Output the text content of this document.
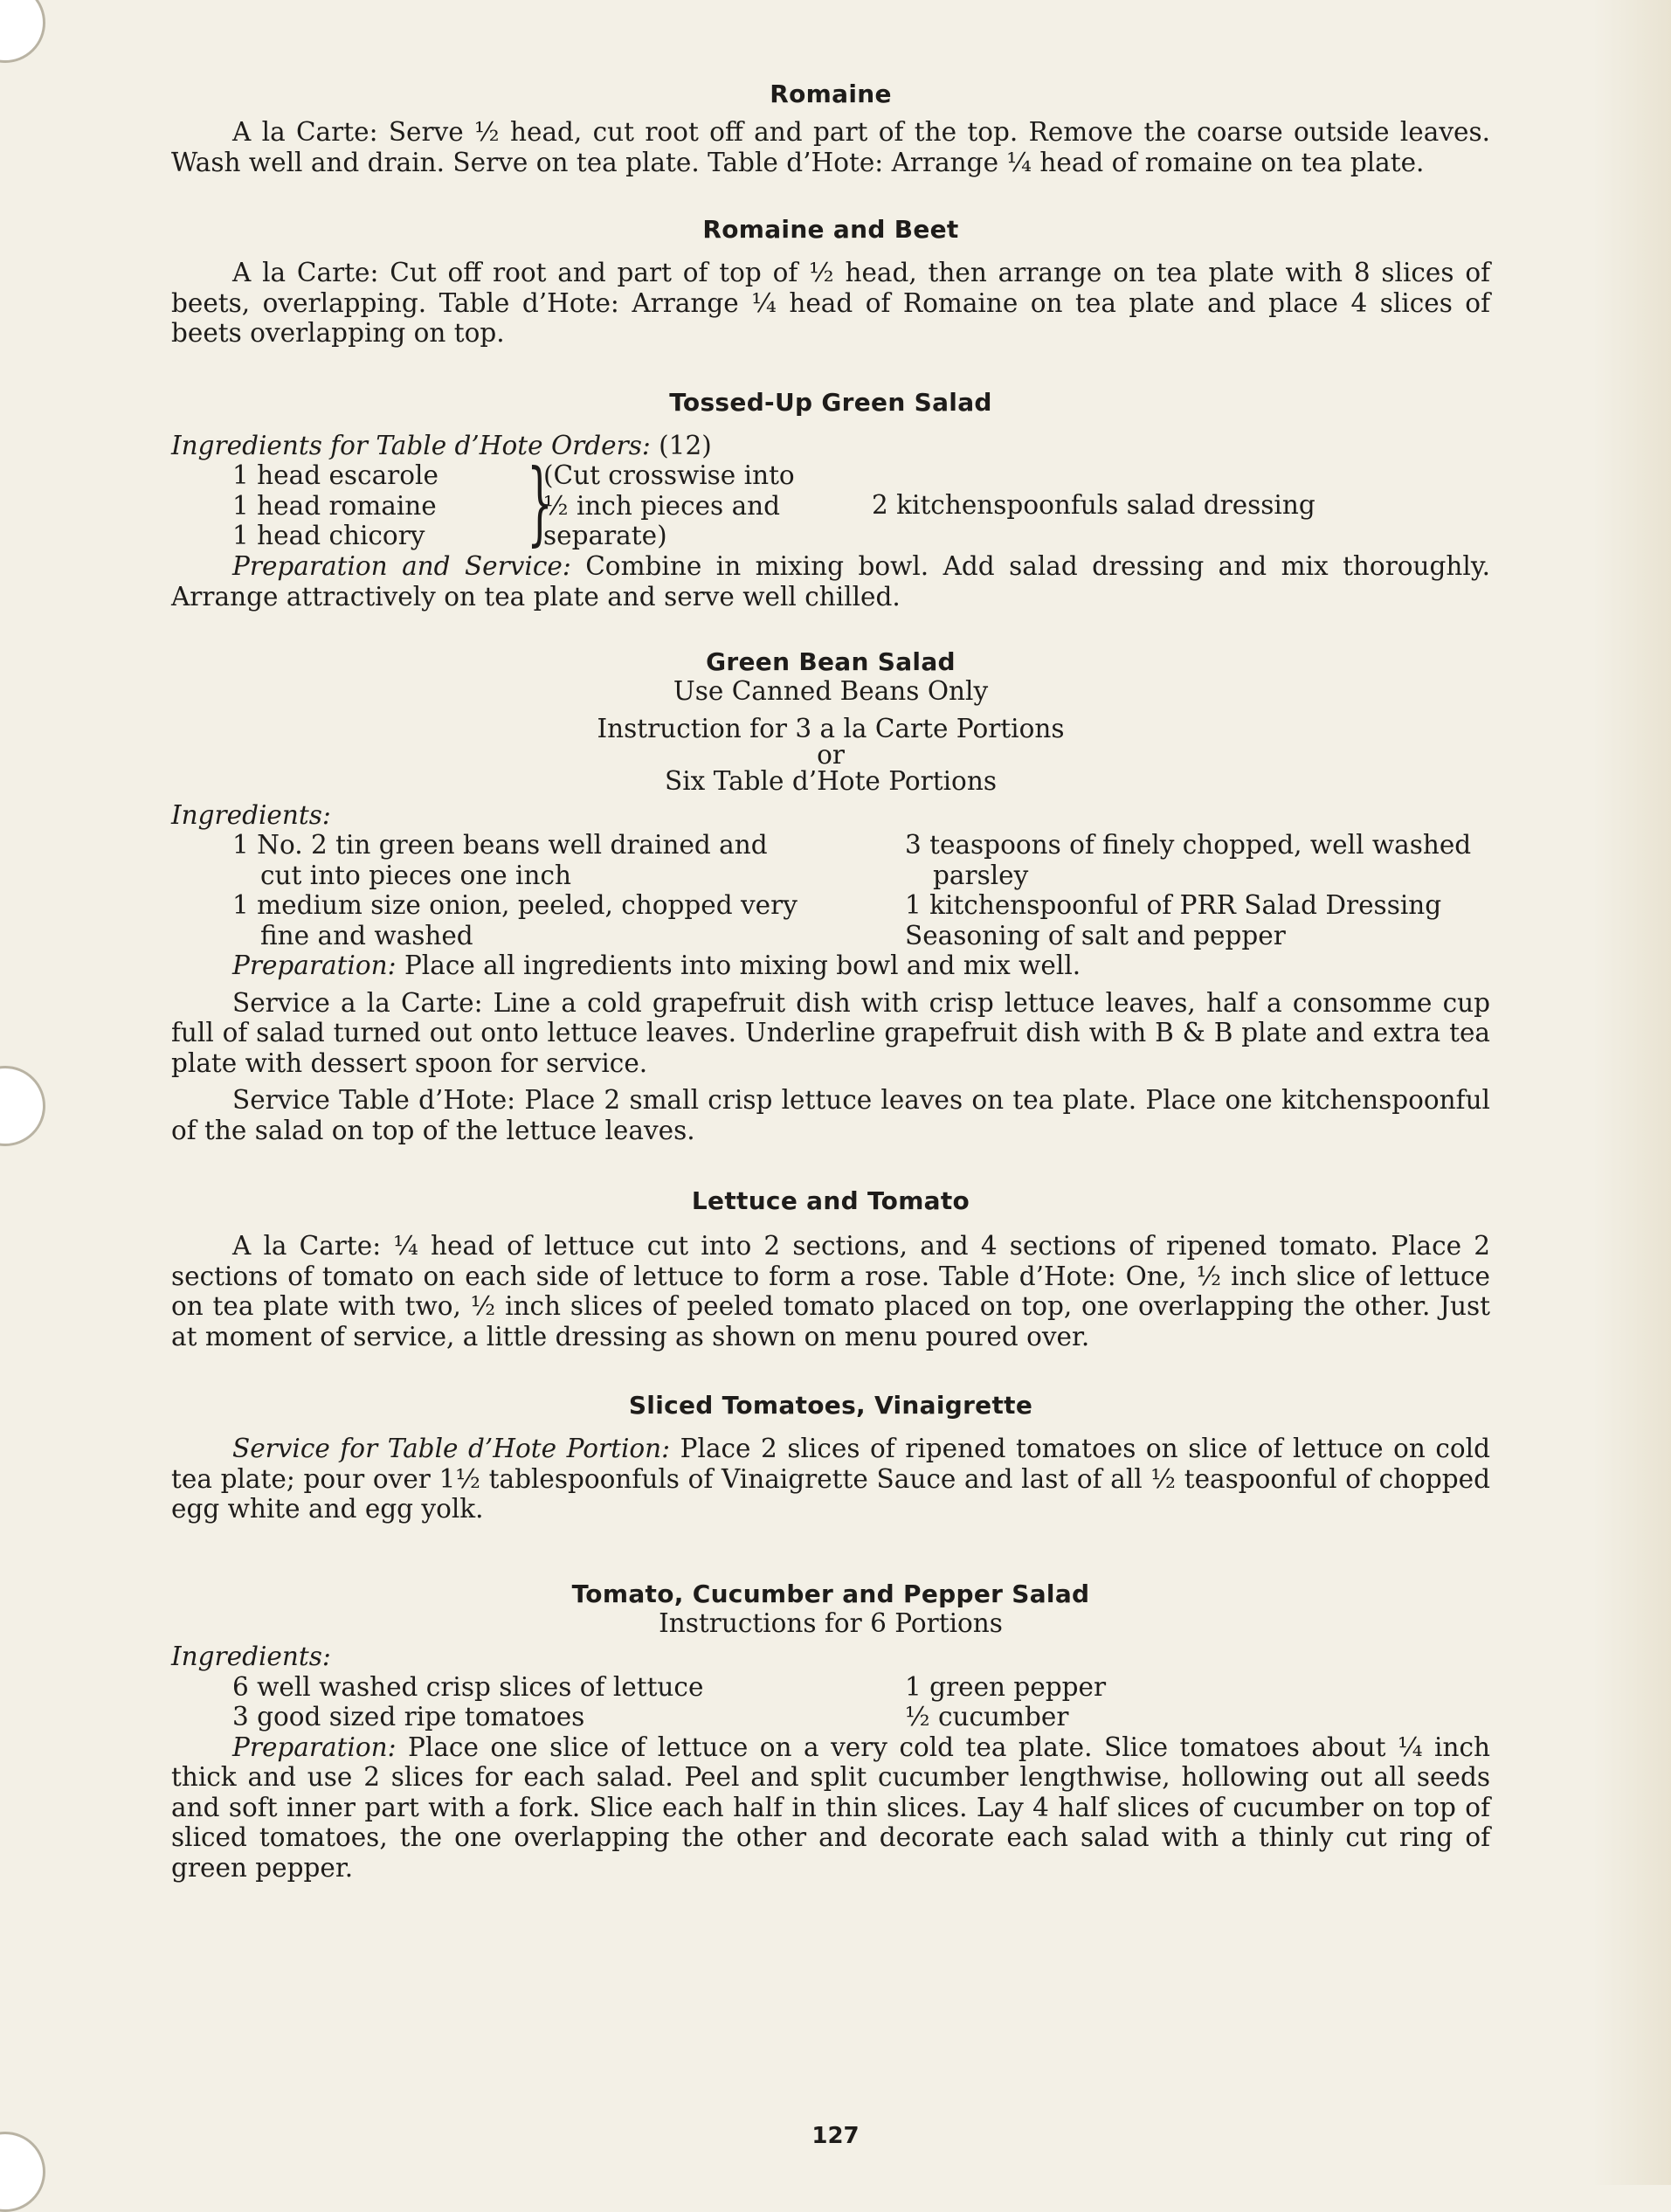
Romaine

A la Carte: Serve ½ head, cut root off and part of the top. Remove the coarse outside leaves. Wash well and drain. Serve on tea plate. Table d’Hote: Arrange ¼ head of romaine on tea plate.

Romaine and Beet

A la Carte: Cut off root and part of top of ½ head, then arrange on tea plate with 8 slices of beets, overlapping. Table d’Hote: Arrange ¼ head of Romaine on tea plate and place 4 slices of beets overlapping on top.

Tossed-Up Green Salad

Ingredients for Table d’Hote Orders: (12)

1 head escarole
1 head romaine
1 head chicory	}
(Cut crosswise into
½ inch pieces and
separate)
2 kitchenspoonfuls salad dressing

Preparation and Service: Combine in mixing bowl. Add salad dressing and mix thoroughly. Arrange attractively on tea plate and serve well chilled.

Green Bean Salad

Use Canned Beans Only

Instruction for 3 a la Carte Portions

or

Six Table d’Hote Portions

Ingredients:

1 No. 2 tin green beans well drained and
cut into pieces one inch
1 medium size onion, peeled, chopped very
fine and washed
3 teaspoons of finely chopped, well washed
parsley
1 kitchenspoonful of PRR Salad Dressing
Seasoning of salt and pepper

Preparation: Place all ingredients into mixing bowl and mix well.

Service a la Carte: Line a cold grapefruit dish with crisp lettuce leaves, half a consomme cup full of salad turned out onto lettuce leaves. Underline grapefruit dish with B & B plate and extra tea plate with dessert spoon for service.

Service Table d’Hote: Place 2 small crisp lettuce leaves on tea plate. Place one kitchenspoonful of the salad on top of the lettuce leaves.

Lettuce and Tomato

A la Carte: ¼ head of lettuce cut into 2 sections, and 4 sections of ripened tomato. Place 2 sections of tomato on each side of lettuce to form a rose. Table d’Hote: One, ½ inch slice of lettuce on tea plate with two, ½ inch slices of peeled tomato placed on top, one overlapping the other. Just at moment of service, a little dressing as shown on menu poured over.

Sliced Tomatoes, Vinaigrette

Service for Table d’Hote Portion: Place 2 slices of ripened tomatoes on slice of lettuce on cold tea plate; pour over 1½ tablespoonfuls of Vinaigrette Sauce and last of all ½ teaspoonful of chopped egg white and egg yolk.

Tomato, Cucumber and Pepper Salad

Instructions for 6 Portions

Ingredients:

6 well washed crisp slices of lettuce
3 good sized ripe tomatoes
1 green pepper
½ cucumber

Preparation: Place one slice of lettuce on a very cold tea plate. Slice tomatoes about ¼ inch thick and use 2 slices for each salad. Peel and split cucumber lengthwise, hollowing out all seeds and soft inner part with a fork. Slice each half in thin slices. Lay 4 half slices of cucumber on top of sliced tomatoes, the one overlapping the other and decorate each salad with a thinly cut ring of green pepper.

127
